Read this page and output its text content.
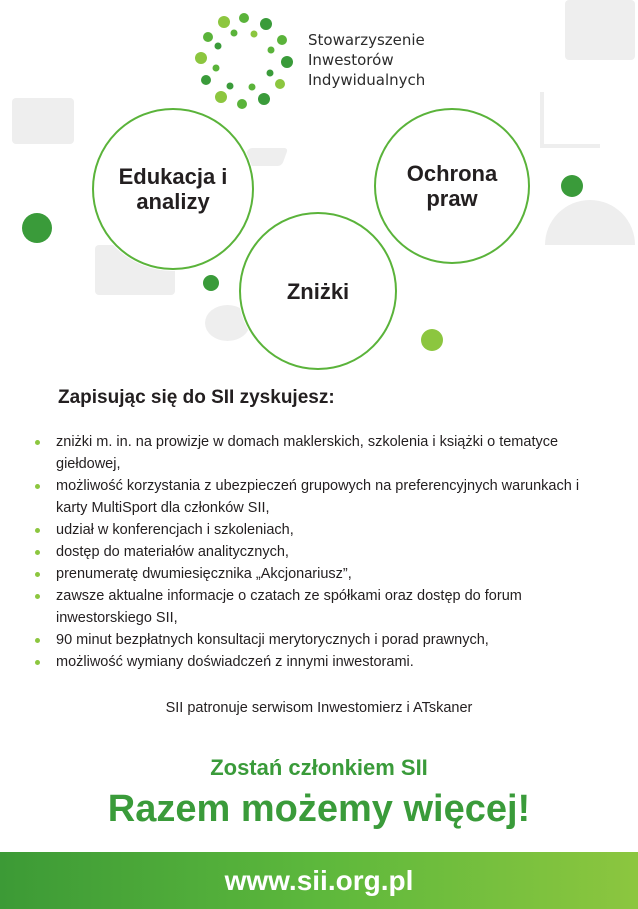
Stowarzyszenie
Inwestorów
Indywidualnych
Edukacja i analizy
Ochrona praw
Zniżki
Zapisując się do SII zyskujesz:
zniżki m. in. na prowizje w domach maklerskich, szkolenia i książki o tematyce giełdowej,
możliwość korzystania z ubezpieczeń grupowych na preferencyjnych warunkach i karty MultiSport dla członków SII,
udział w konferencjach i szkoleniach,
dostęp do materiałów analitycznych,
prenumeratę dwumiesięcznika „Akcjonariusz”,
zawsze aktualne informacje o czatach ze spółkami oraz dostęp do forum inwestorskiego SII,
90 minut bezpłatnych konsultacji merytorycznych i porad prawnych,
możliwość wymiany doświadczeń z innymi inwestorami.
SII patronuje serwisom Inwestomierz i ATskaner
Zostań członkiem SII
Razem możemy więcej!
www.sii.org.pl
